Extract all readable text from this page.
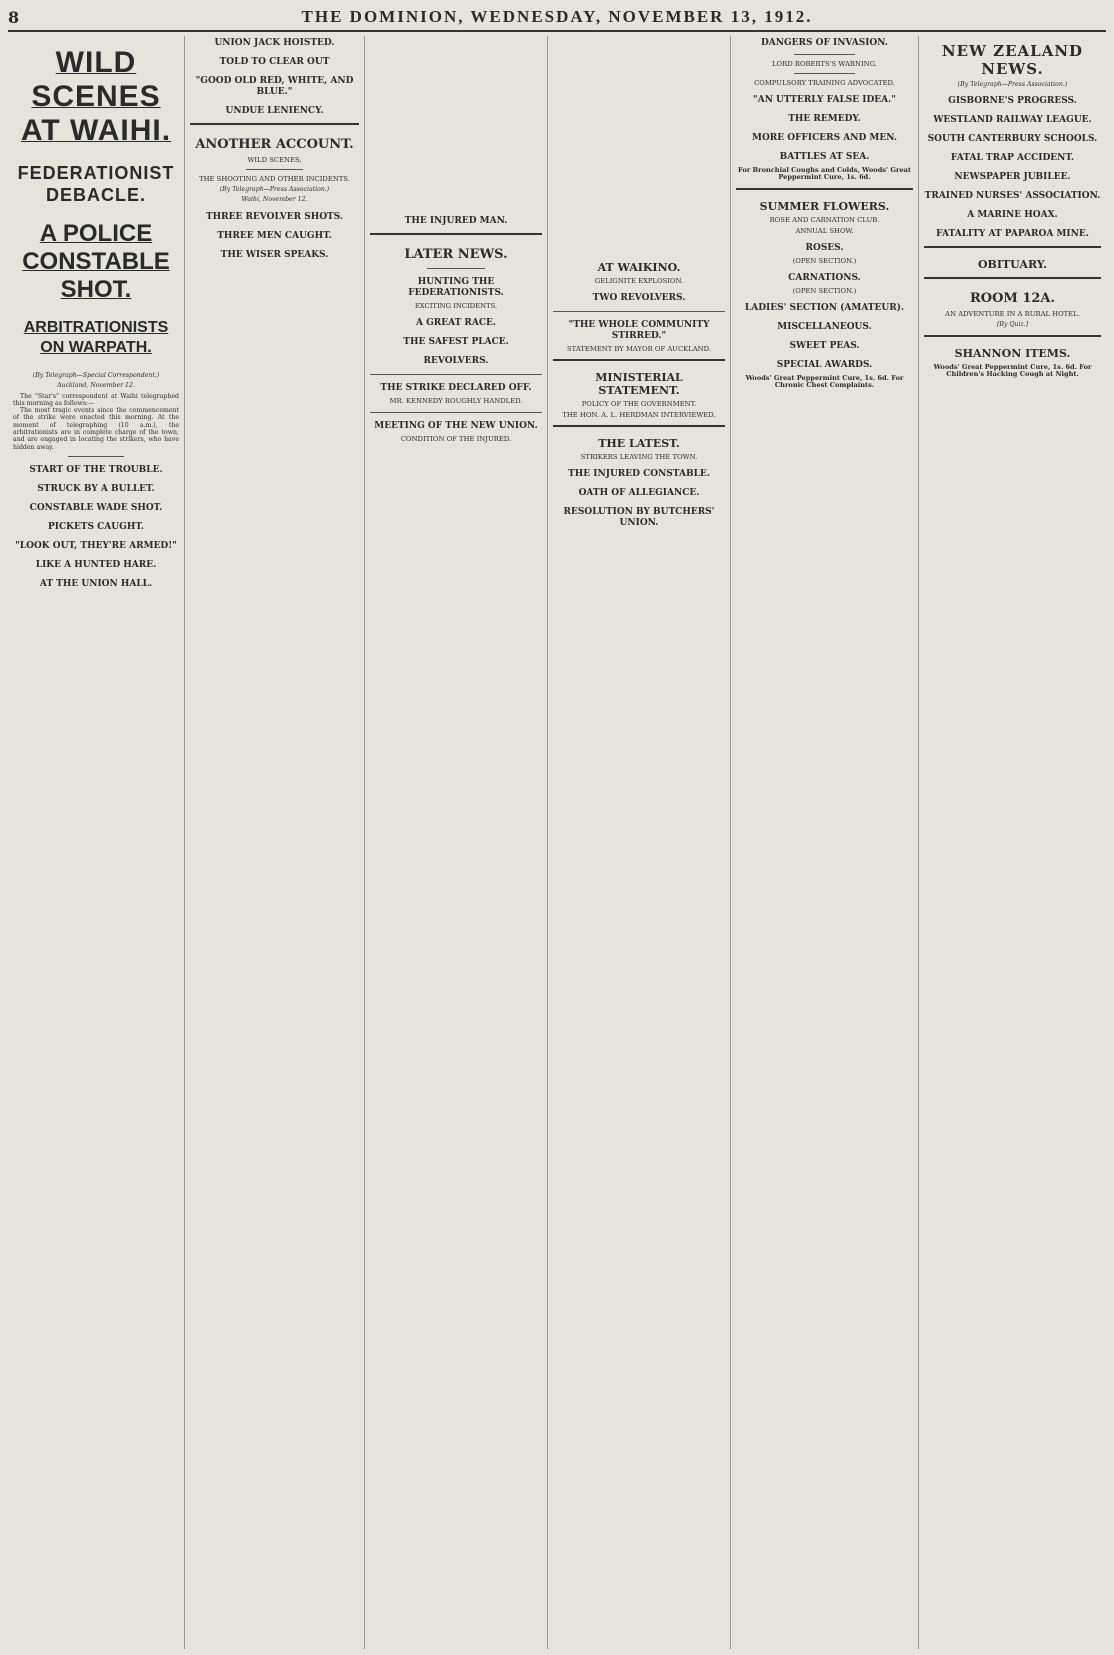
8	THE DOMINION, WEDNESDAY, NOVEMBER 13, 1912.
WILD SCENES AT WAIHI.
FEDERATIONIST DEBACLE.
A POLICE CONSTABLE SHOT.
ARBITRATIONISTS ON WARPATH.
(By Telegraph—Special Correspondent.)
Auckland, November 12.

The "Star's" correspondent at Waihi telegraphed this morning as follows:—

The most tragic events since the commencement of the strike were enacted this morning. At the moment of telegraphing (10 a.m.), the arbitrationists are in complete charge of the town, and are engaged in locating the strikers, who have hidden away.

START OF THE TROUBLE.

STRUCK BY A BULLET.

CONSTABLE WADE SHOT.

PICKETS CAUGHT.

"LOOK OUT, THEY'RE ARMED!"

LIKE A HUNTED HARE.

AT THE UNION HALL.

UNION JACK HOISTED.

TOLD TO CLEAR OUT

"GOOD OLD RED, WHITE, AND BLUE."

UNDUE LENIENCY.

ANOTHER ACCOUNT.
WILD SCENES.
THE SHOOTING AND OTHER INCIDENTS.
(By Telegraph—Press Association.)
Waihi, November 12.

THREE REVOLVER SHOTS.

THREE MEN CAUGHT.

THE WISER SPEAKS.

THE INJURED MAN.

LATER NEWS.
HUNTING THE FEDERATIONISTS.
EXCITING INCIDENTS.

A GREAT RACE.

THE SAFEST PLACE.

REVOLVERS.

THE STRIKE DECLARED OFF.
MR. KENNEDY ROUGHLY HANDLED.

MEETING OF THE NEW UNION.
CONDITION OF THE INJURED.

AT WAIKINO.
GELIGNITE EXPLOSION.
TWO REVOLVERS.

"THE WHOLE COMMUNITY STIRRED."
STATEMENT BY MAYOR OF AUCKLAND.

MINISTERIAL STATEMENT.
POLICY OF THE GOVERNMENT.
THE HON. A. L. HERDMAN INTERVIEWED.

THE LATEST.
STRIKERS LEAVING THE TOWN.

THE INJURED CONSTABLE.

OATH OF ALLEGIANCE.

RESOLUTION BY BUTCHERS' UNION.

DANGERS OF INVASION.
LORD ROBERTS'S WARNING.
COMPULSORY TRAINING ADVOCATED.

"AN UTTERLY FALSE IDEA."

THE REMEDY.

MORE OFFICERS AND MEN.

BATTLES AT SEA.

For Bronchial Coughs and Colds, Woods' Great Peppermint Cure, 1s. 6d.
SUMMER FLOWERS.
ROSE AND CARNATION CLUB.
ANNUAL SHOW.

ROSES.
(OPEN SECTION.)
CARNATIONS.
(OPEN SECTION.)
LADIES' SECTION (AMATEUR).
MISCELLANEOUS.
SWEET PEAS.
SPECIAL AWARDS.
Woods' Great Peppermint Cure, 1s. 6d. For Chronic Chest Complaints.
NEW ZEALAND NEWS.
(By Telegraph—Press Association.)
GISBORNE'S PROGRESS.
WESTLAND RAILWAY LEAGUE.
SOUTH CANTERBURY SCHOOLS.
FATAL TRAP ACCIDENT.
NEWSPAPER JUBILEE.
TRAINED NURSES' ASSOCIATION.
A MARINE HOAX.
FATALITY AT PAPAROA MINE.
OBITUARY.

ROOM 12A.
AN ADVENTURE IN A RURAL HOTEL.
[By Quiz.]

SHANNON ITEMS.

Woods' Great Peppermint Cure, 1s. 6d. For Children's Hacking Cough at Night.
